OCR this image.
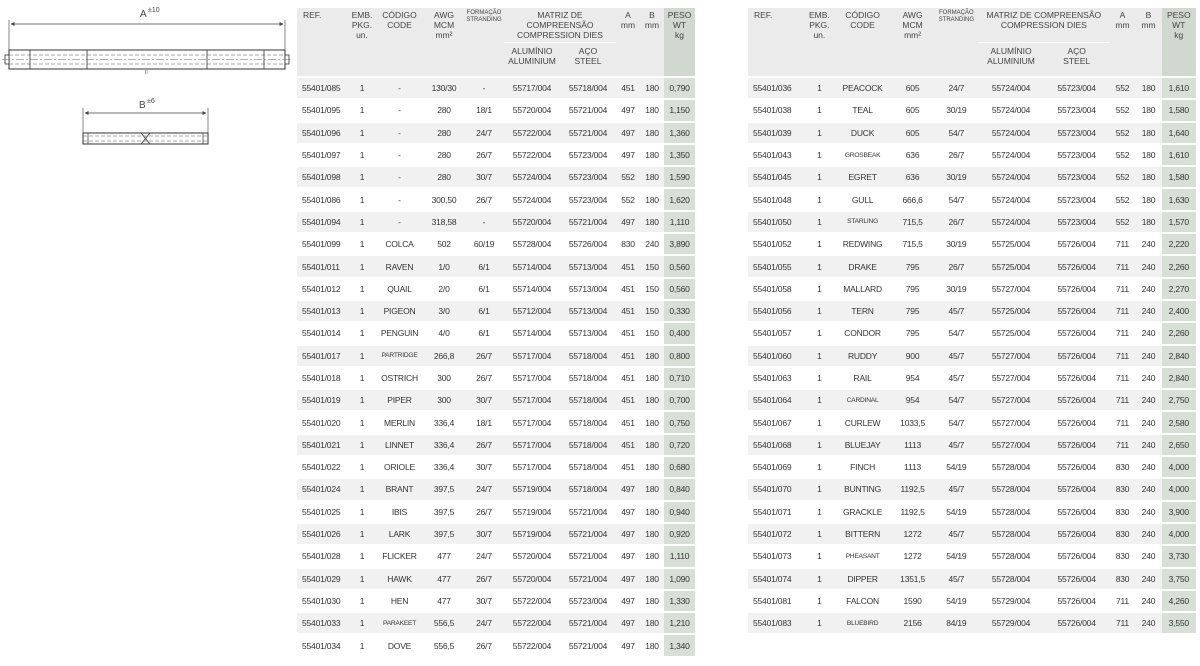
A ±10
II
B ±6
REF.	EMB.
PKG.
un.	CÓDIGO
CODE	AWG
MCM
mm²	FORMAÇÃO
STRANDING	MATRIZ DE COMPREENSÃO
COMPRESSION DIES		A
mm	B
mm	PESO
WT
kg
					ALUMÍNIO
ALUMINIUM	AÇO
STEEL			
55401/085	1	-	130/30	-	55717/004	55718/004	451	180	0,790
55401/095	1	-	280	18/1	55720/004	55721/004	497	180	1,150
55401/096	1	-	280	24/7	55722/004	55721/004	497	180	1,360
55401/097	1	-	280	26/7	55722/004	55723/004	497	180	1,350
55401/098	1	-	280	30/7	55724/004	55723/004	552	180	1,590
55401/086	1	-	300,50	26/7	55724/004	55723/004	552	180	1,620
55401/094	1	-	318,58	-	55720/004	55721/004	497	180	1,110
55401/099	1	COLCA	502	60/19	55728/004	55726/004	830	240	3,890
55401/011	1	RAVEN	1/0	6/1	55714/004	55713/004	451	150	0,560
55401/012	1	QUAIL	2/0	6/1	55714/004	55713/004	451	150	0,560
55401/013	1	PIGEON	3/0	6/1	55712/004	55713/004	451	150	0,330
55401/014	1	PENGUIN	4/0	6/1	55714/004	55713/004	451	150	0,400
55401/017	1	PARTRIDGE	266,8	26/7	55717/004	55718/004	451	180	0,800
55401/018	1	OSTRICH	300	26/7	55717/004	55718/004	451	180	0,710
55401/019	1	PIPER	300	30/7	55717/004	55718/004	451	180	0,700
55401/020	1	MERLIN	336,4	18/1	55717/004	55718/004	451	180	0,750
55401/021	1	LINNET	336,4	26/7	55717/004	55718/004	451	180	0,720
55401/022	1	ORIOLE	336,4	30/7	55717/004	55718/004	451	180	0,680
55401/024	1	BRANT	397,5	24/7	55719/004	55718/004	497	180	0,840
55401/025	1	IBIS	397,5	26/7	55719/004	55721/004	497	180	0,940
55401/026	1	LARK	397,5	30/7	55719/004	55721/004	497	180	0,920
55401/028	1	FLICKER	477	24/7	55720/004	55721/004	497	180	1,110
55401/029	1	HAWK	477	26/7	55720/004	55721/004	497	180	1,090
55401/030	1	HEN	477	30/7	55722/004	55723/004	497	180	1,330
55401/033	1	PARAKEET	556,5	24/7	55722/004	55721/004	497	180	1,210
55401/034	1	DOVE	556,5	26/7	55722/004	55721/004	497	180	1,340
REF.	EMB.
PKG.
un.	CÓDIGO
CODE	AWG
MCM
mm²	FORMAÇÃO
STRANDING	MATRIZ DE COMPREENSÃO
COMPRESSION DIES		A
mm	B
mm	PESO
WT
kg
					ALUMÍNIO
ALUMINIUM	AÇO
STEEL			
55401/036	1	PEACOCK	605	24/7	55724/004	55723/004	552	180	1,610
55401/038	1	TEAL	605	30/19	55724/004	55723/004	552	180	1,580
55401/039	1	DUCK	605	54/7	55724/004	55723/004	552	180	1,640
55401/043	1	GROSBEAK	636	26/7	55724/004	55723/004	552	180	1,610
55401/045	1	EGRET	636	30/19	55724/004	55723/004	552	180	1,580
55401/048	1	GULL	666,6	54/7	55724/004	55723/004	552	180	1,630
55401/050	1	STARLING	715,5	26/7	55724/004	55723/004	552	180	1,570
55401/052	1	REDWING	715,5	30/19	55725/004	55726/004	711	240	2,220
55401/055	1	DRAKE	795	26/7	55725/004	55726/004	711	240	2,260
55401/058	1	MALLARD	795	30/19	55727/004	55726/004	711	240	2,270
55401/056	1	TERN	795	45/7	55725/004	55726/004	711	240	2,400
55401/057	1	CONDOR	795	54/7	55725/004	55726/004	711	240	2,260
55401/060	1	RUDDY	900	45/7	55727/004	55726/004	711	240	2,840
55401/063	1	RAIL	954	45/7	55727/004	55726/004	711	240	2,840
55401/064	1	CARDINAL	954	54/7	55727/004	55726/004	711	240	2,750
55401/067	1	CURLEW	1033,5	54/7	55727/004	55726/004	711	240	2,580
55401/068	1	BLUEJAY	1113	45/7	55727/004	55726/004	711	240	2,650
55401/069	1	FINCH	1113	54/19	55728/004	55726/004	830	240	4,000
55401/070	1	BUNTING	1192,5	45/7	55728/004	55726/004	830	240	4,000
55401/071	1	GRACKLE	1192,5	54/19	55728/004	55726/004	830	240	3,900
55401/072	1	BITTERN	1272	45/7	55728/004	55726/004	830	240	4,000
55401/073	1	PHEASANT	1272	54/19	55728/004	55726/004	830	240	3,730
55401/074	1	DIPPER	1351,5	45/7	55728/004	55726/004	830	240	3,750
55401/081	1	FALCON	1590	54/19	55729/004	55726/004	711	240	4,260
55401/083	1	BLUEBIRD	2156	84/19	55729/004	55726/004	711	240	3,550
